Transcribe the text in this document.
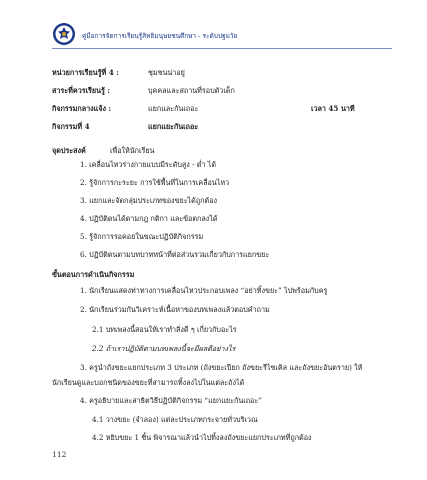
คู่มือการจัดการเรียนรู้สิทธิมนุษยชนศึกษา - ระดับปฐมวัย
หน่วยการเรียนรู้ที่ 4 :	ชุมชนน่าอยู่
สาระที่ควรเรียนรู้ :	บุคคลและสถานที่รอบตัวเด็ก
กิจกรรมกลางแจ้ง :	แยกและกันเถอะ	เวลา 45 นาที
กิจกรรมที่ 4	แยกแยะกันเถอะ
จุดประสงค์	เพื่อให้นักเรียน
1. เคลื่อนไหวร่างกายแบบมีระดับสูง - ต่ำ ได้
2. รู้จักการกะระยะ การใช้พื้นที่ในการเคลื่อนไหว
3. แยกและจัดกลุ่มประเภทของขยะได้ถูกต้อง
4. ปฏิบัติตนได้ตามกฎ กติกา และข้อตกลงได้
5. รู้จักการรอคอยในขณะปฏิบัติกิจกรรม
6. ปฏิบัติตนตามบทบาทหน้าที่ต่อส่วนรวมเกี่ยวกับการแยกขยะ
ขั้นตอนการดำเนินกิจกรรม
1. นักเรียนแสดงท่าทางการเคลื่อนไหวประกอบเพลง “อย่าทิ้งขยะ” ไปพร้อมกับครู
2. นักเรียนร่วมกันวิเคราะห์เนื้อหาของบทเพลงแล้วตอบคำถาม
2.1 บทเพลงนี้สอนให้เราทำสิ่งดี ๆ เกี่ยวกับอะไร
2.2 ถ้าเราปฏิบัติตามบทเพลงนี้จะมีผลดีอย่างไร
3. ครูนำถังขยะแยกประเภท 3 ประเภท (ถังขยะเปียก ถังขยะรีไซเคิล และถังขยะอันตราย) ให้
นักเรียนดูและบอกชนิดของขยะที่สามารถทิ้งลงไปในแต่ละถังได้
4. ครูอธิบายและสาธิตวิธีปฏิบัติกิจกรรม “แยกแยะกันเถอะ”
4.1 วางขยะ (จำลอง) แต่ละประเภทกระจายทั่วบริเวณ
4.2 หยิบขยะ 1 ชิ้น พิจารณาแล้วนำไปทิ้งลงถังขยะแยกประเภทที่ถูกต้อง
112
